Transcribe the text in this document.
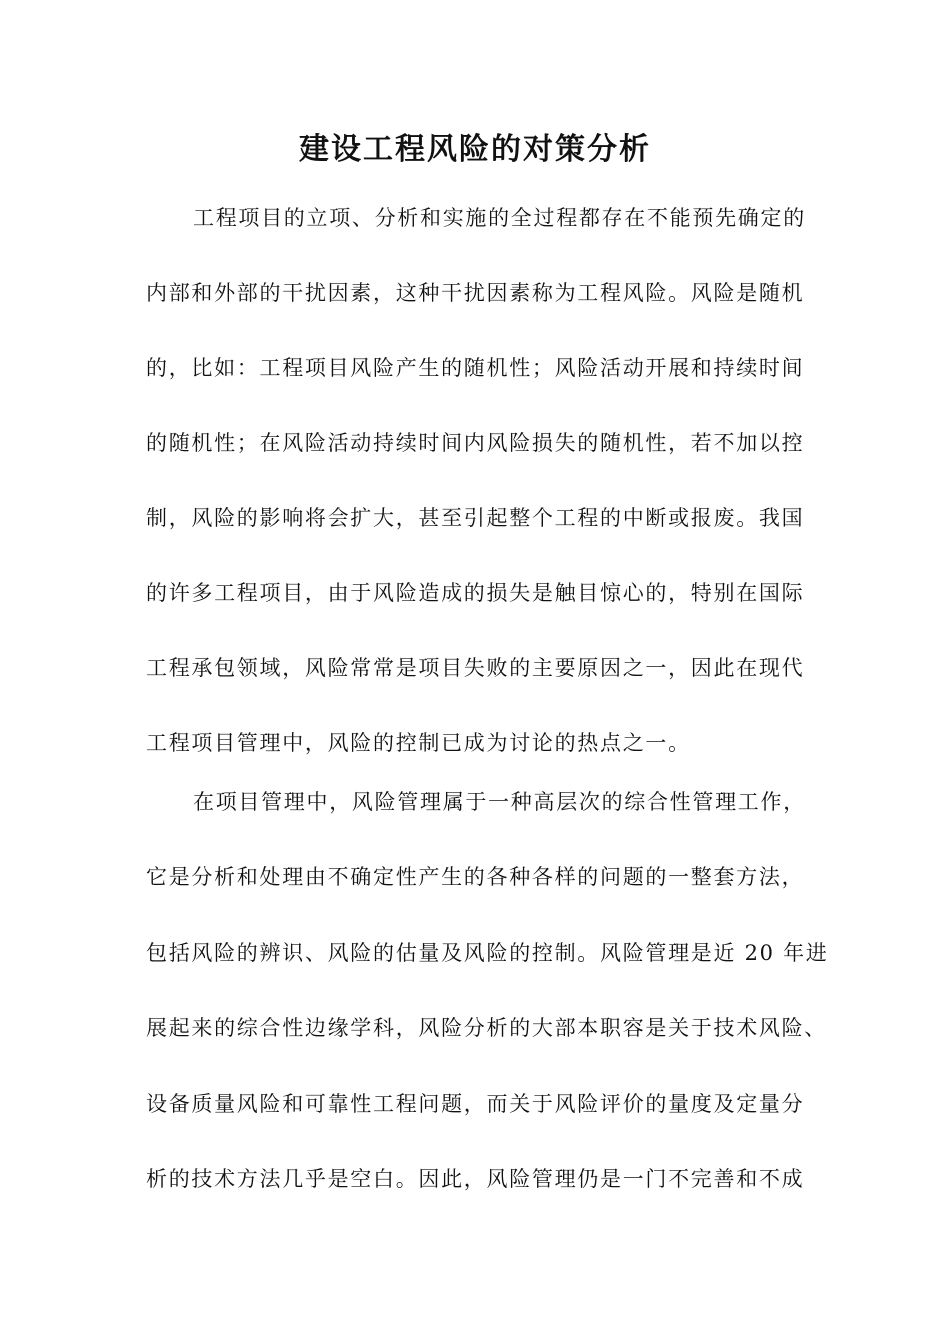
建设工程风险的对策分析

工程项目的立项、分析和实施的全过程都存在不能预先确定的

内部和外部的干扰因素，这种干扰因素称为工程风险。风险是随机

的，比如：工程项目风险产生的随机性；风险活动开展和持续时间

的随机性；在风险活动持续时间内风险损失的随机性，若不加以控

制，风险的影响将会扩大，甚至引起整个工程的中断或报废。我国

的许多工程项目，由于风险造成的损失是触目惊心的，特别在国际

工程承包领域，风险常常是项目失败的主要原因之一，因此在现代

工程项目管理中，风险的控制已成为讨论的热点之一。

在项目管理中，风险管理属于一种高层次的综合性管理工作，

它是分析和处理由不确定性产生的各种各样的问题的一整套方法，

包括风险的辨识、风险的估量及风险的控制。风险管理是近 20 年进

展起来的综合性边缘学科，风险分析的大部本职容是关于技术风险、

设备质量风险和可靠性工程问题，而关于风险评价的量度及定量分

析的技术方法几乎是空白。因此，风险管理仍是一门不完善和不成
